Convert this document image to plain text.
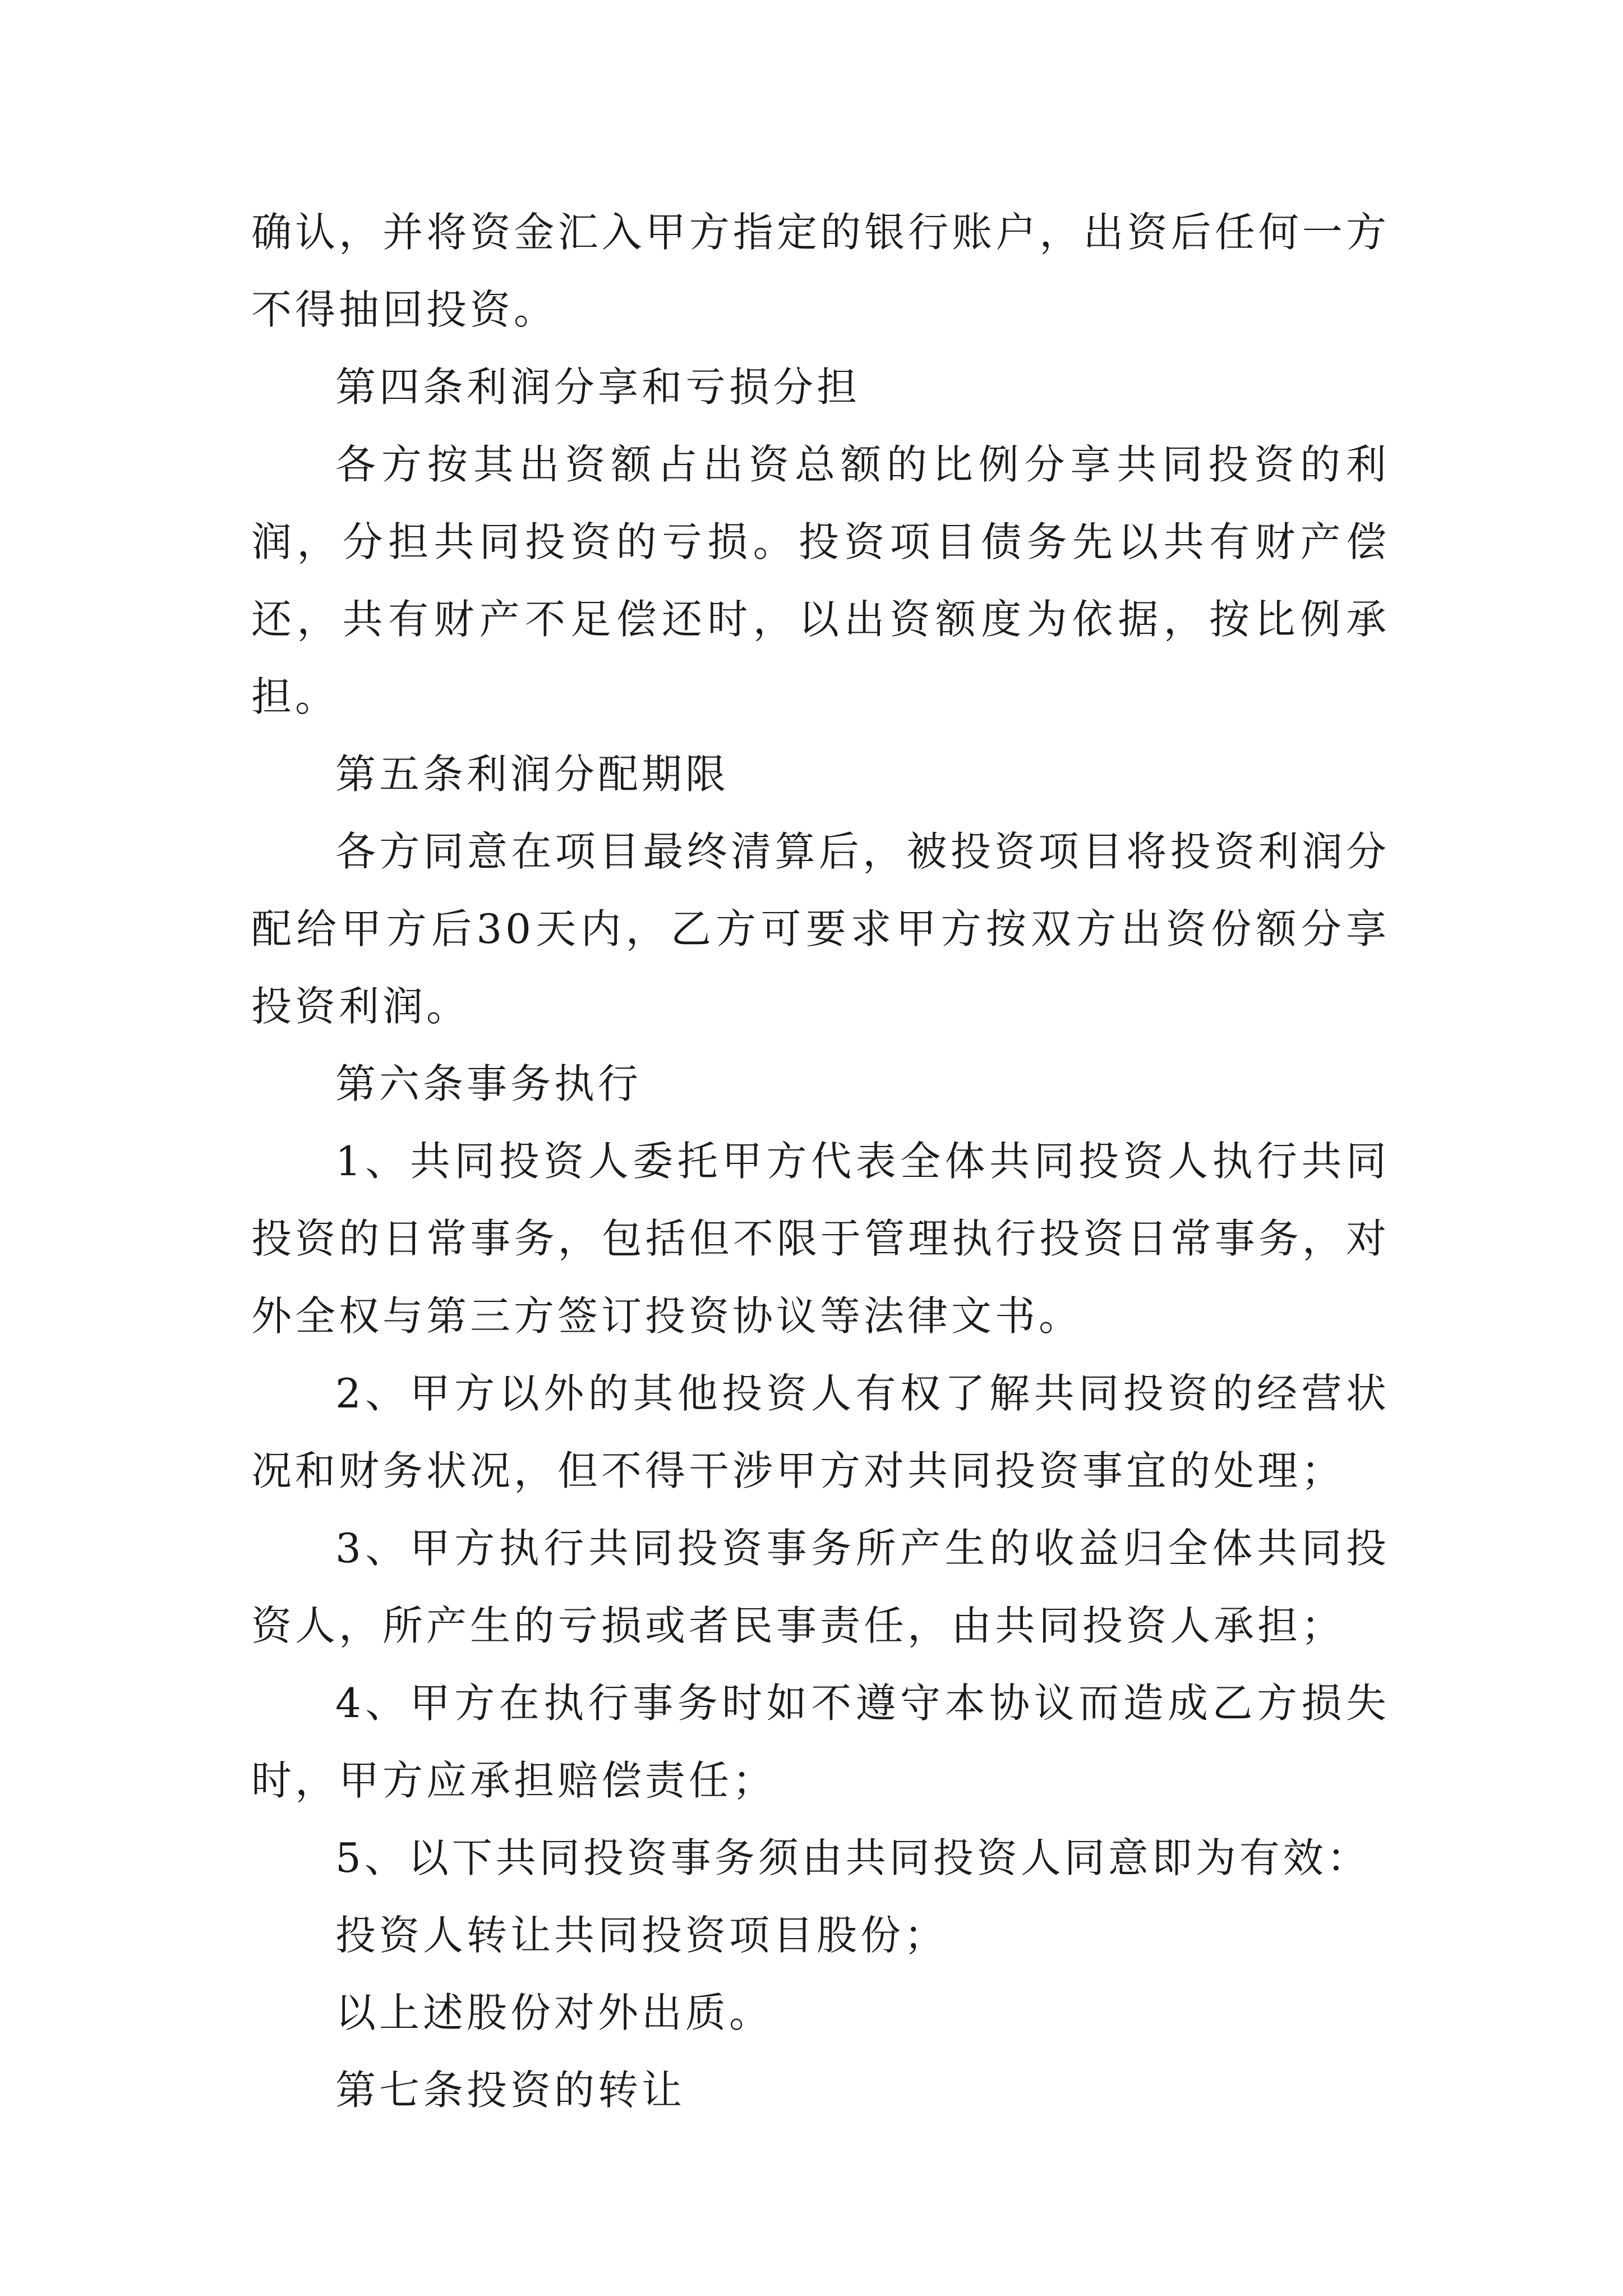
确认，并将资金汇入甲方指定的银行账户，出资后任何一方不得抽回投资。

第四条利润分享和亏损分担

各方按其出资额占出资总额的比例分享共同投资的利润，分担共同投资的亏损。投资项目债务先以共有财产偿还，共有财产不足偿还时，以出资额度为依据，按比例承担。

第五条利润分配期限

各方同意在项目最终清算后，被投资项目将投资利润分配给甲方后30天内，乙方可要求甲方按双方出资份额分享投资利润。

第六条事务执行

1、共同投资人委托甲方代表全体共同投资人执行共同投资的日常事务，包括但不限于管理执行投资日常事务，对外全权与第三方签订投资协议等法律文书。

2、甲方以外的其他投资人有权了解共同投资的经营状况和财务状况，但不得干涉甲方对共同投资事宜的处理；

3、甲方执行共同投资事务所产生的收益归全体共同投资人，所产生的亏损或者民事责任，由共同投资人承担；

4、甲方在执行事务时如不遵守本协议而造成乙方损失时，甲方应承担赔偿责任；

5、以下共同投资事务须由共同投资人同意即为有效：

投资人转让共同投资项目股份；

以上述股份对外出质。

第七条投资的转让
